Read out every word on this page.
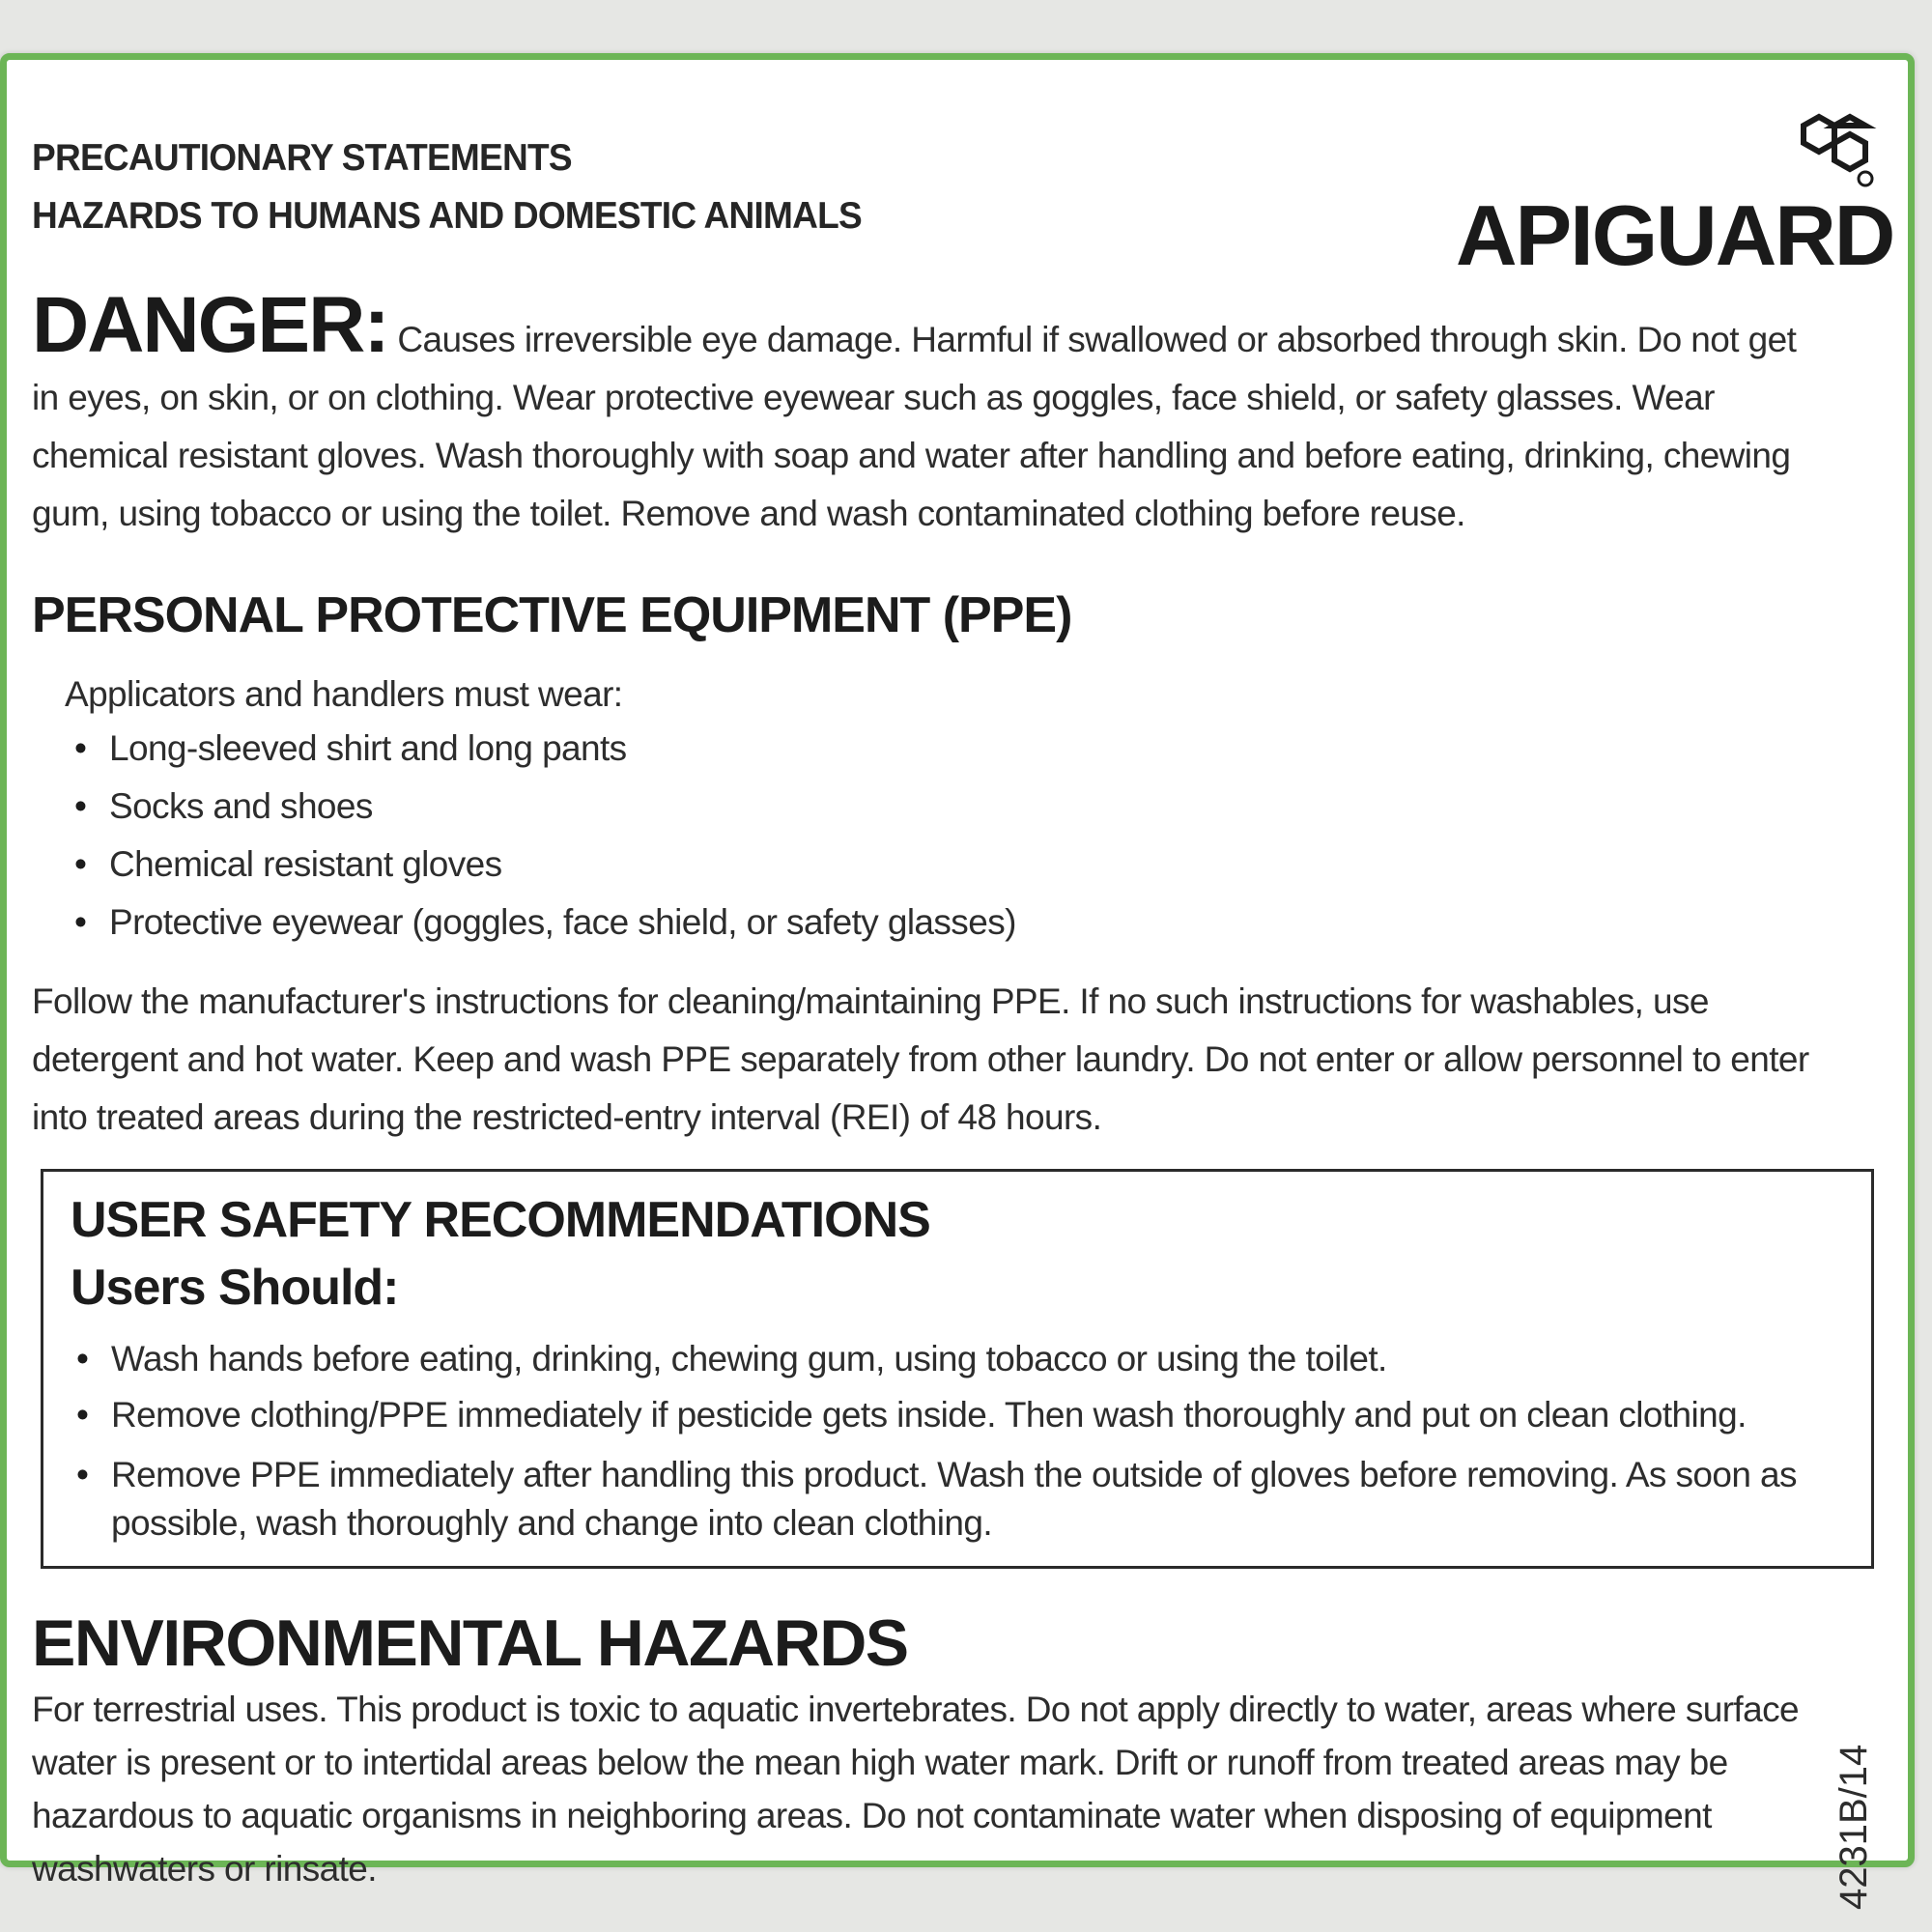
PRECAUTIONARY STATEMENTS
HAZARDS TO HUMANS AND DOMESTIC ANIMALS	APIGUARD
DANGER: Causes irreversible eye damage. Harmful if swallowed or absorbed through skin. Do not get in eyes, on skin, or on clothing. Wear protective eyewear such as goggles, face shield, or safety glasses. Wear chemical resistant gloves. Wash thoroughly with soap and water after handling and before eating, drinking, chewing gum, using tobacco or using the toilet. Remove and wash contaminated clothing before reuse.
PERSONAL PROTECTIVE EQUIPMENT (PPE)
Applicators and handlers must wear:
• Long-sleeved shirt and long pants
• Socks and shoes
• Chemical resistant gloves
• Protective eyewear (goggles, face shield, or safety glasses)
Follow the manufacturer's instructions for cleaning/maintaining PPE. If no such instructions for washables, use detergent and hot water. Keep and wash PPE separately from other laundry. Do not enter or allow personnel to enter into treated areas during the restricted-entry interval (REI) of 48 hours.
USER SAFETY RECOMMENDATIONS
Users Should:
• Wash hands before eating, drinking, chewing gum, using tobacco or using the toilet.
• Remove clothing/PPE immediately if pesticide gets inside. Then wash thoroughly and put on clean clothing.
• Remove PPE immediately after handling this product. Wash the outside of gloves before removing. As soon as possible, wash thoroughly and change into clean clothing.
ENVIRONMENTAL HAZARDS
For terrestrial uses. This product is toxic to aquatic invertebrates. Do not apply directly to water, areas where surface water is present or to intertidal areas below the mean high water mark. Drift or runoff from treated areas may be hazardous to aquatic organisms in neighboring areas. Do not contaminate water when disposing of equipment washwaters or rinsate.	4231B/14
